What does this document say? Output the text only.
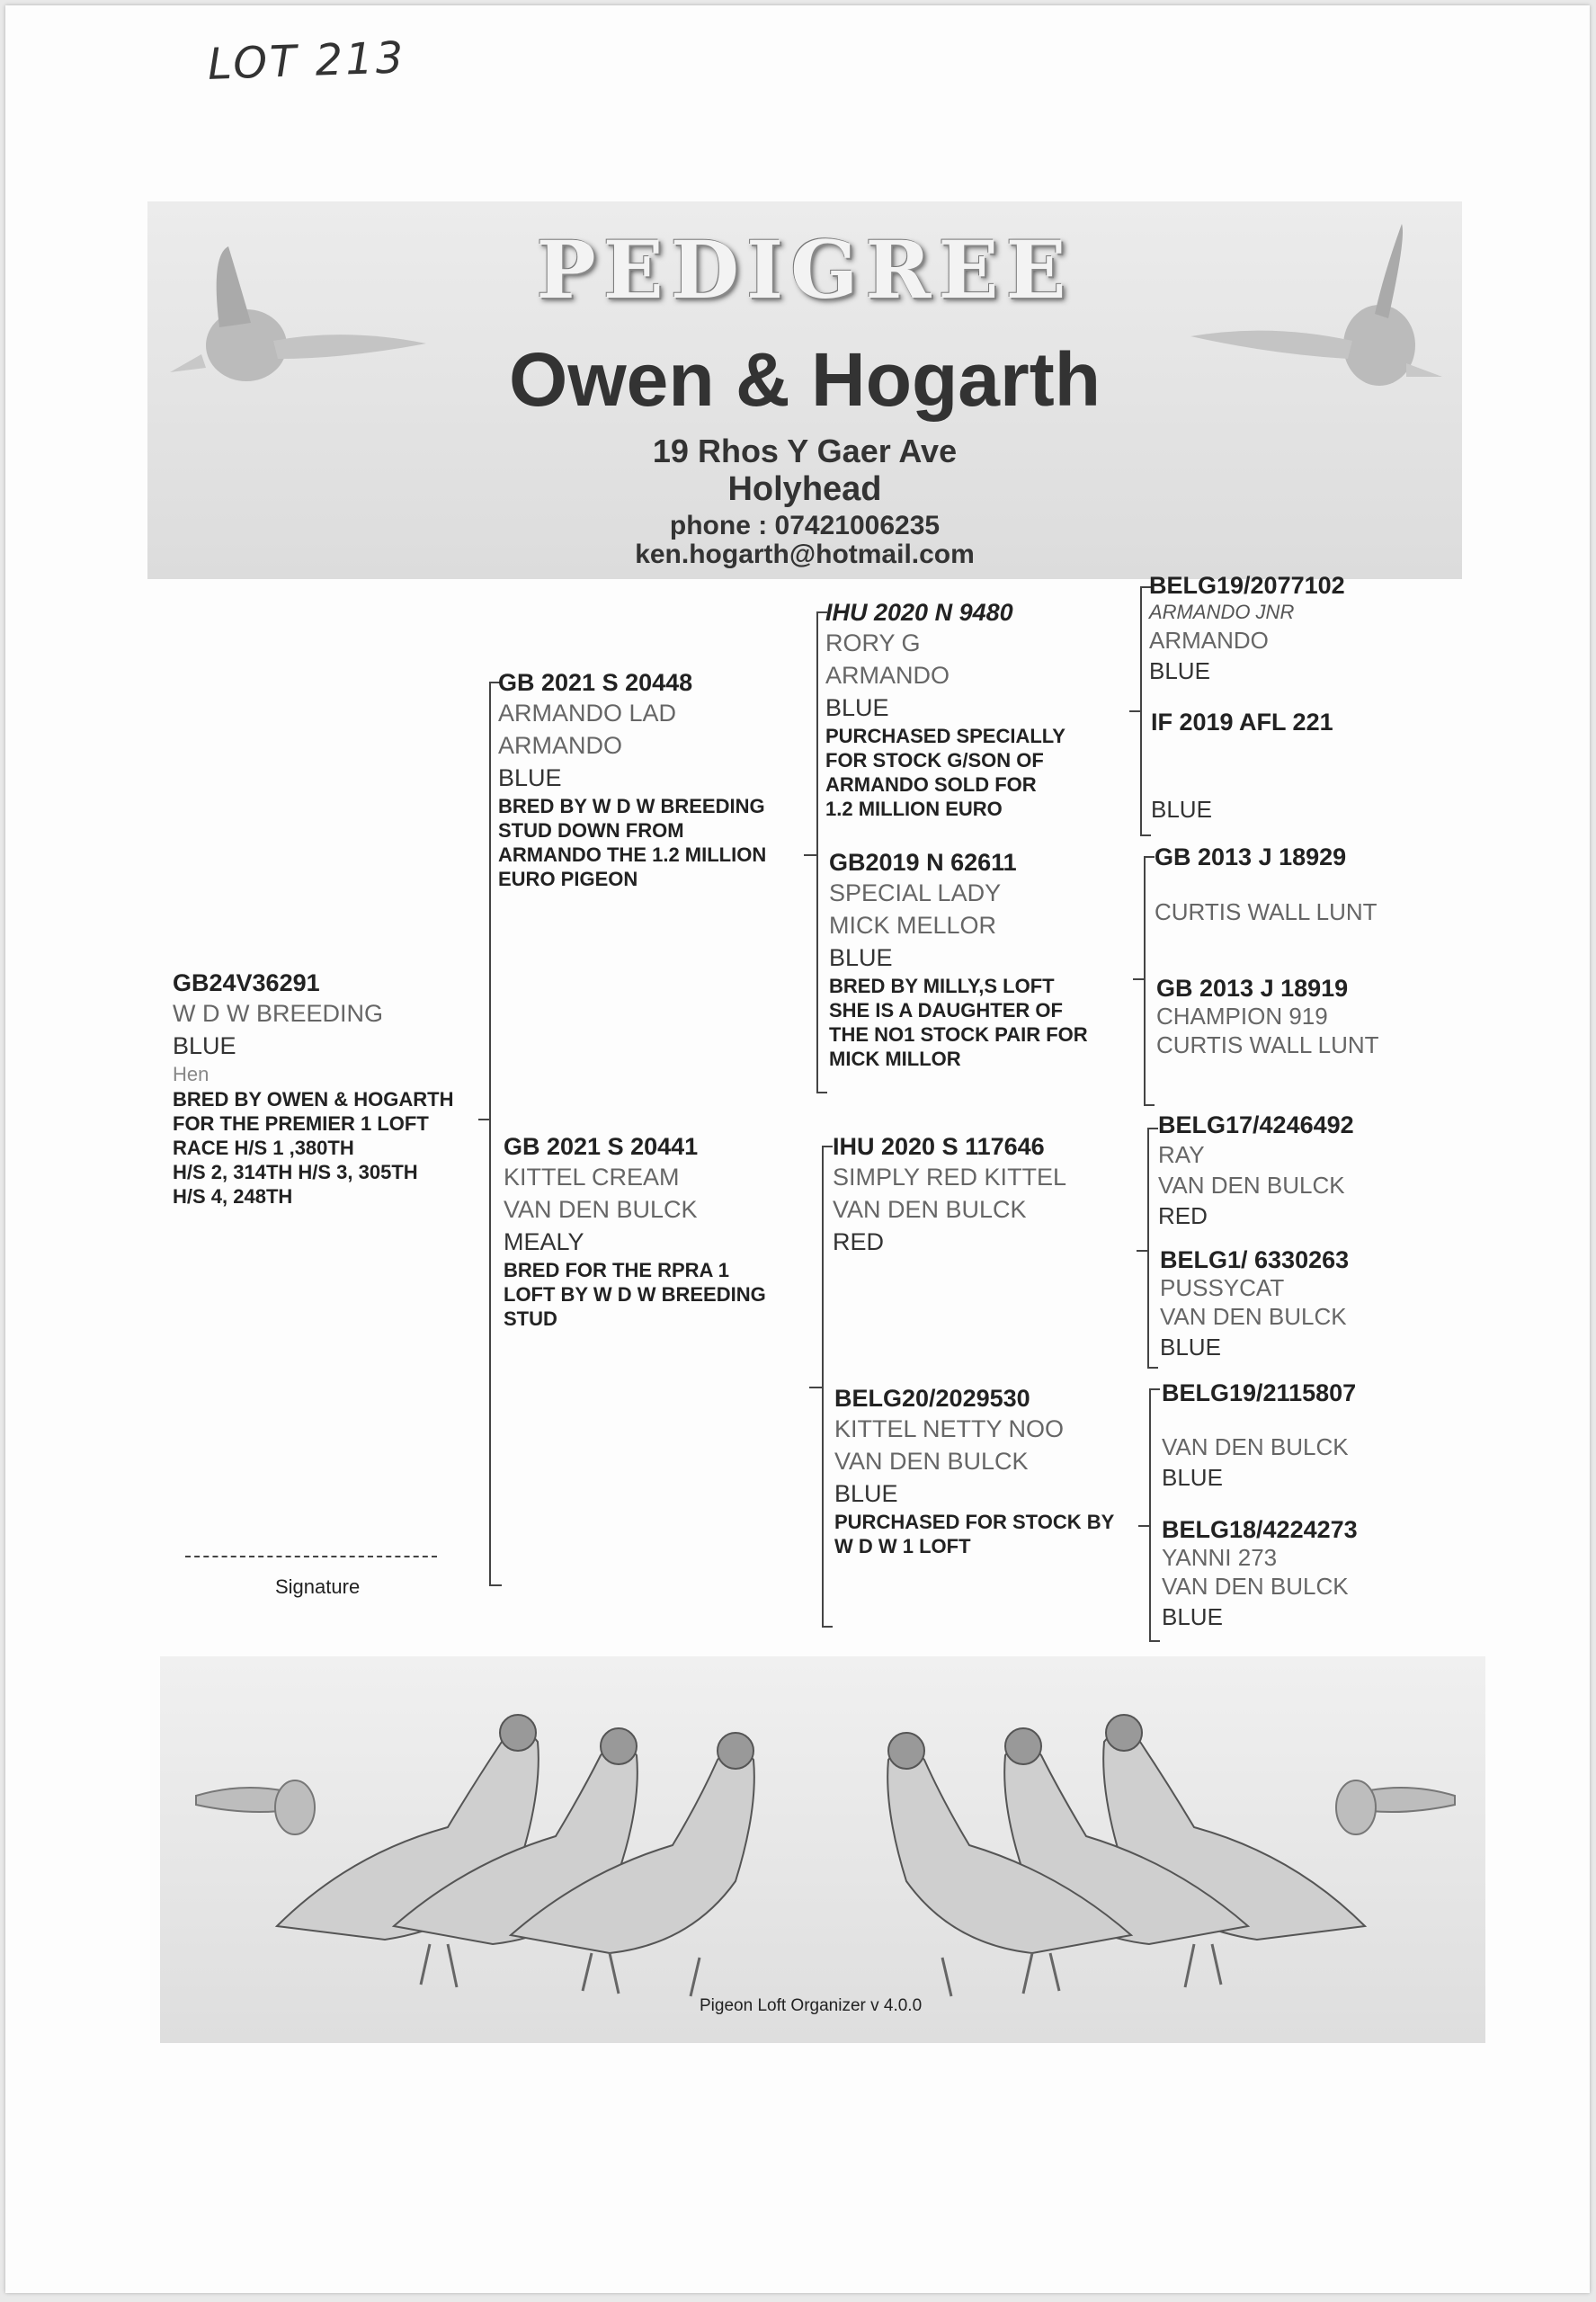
LOT 213
PEDIGREE
Owen & Hogarth
19 Rhos Y Gaer Ave
Holyhead
phone : 07421006235
ken.hogarth@hotmail.com
GB24V36291
W D W BREEDING
BLUE
Hen
BRED BY OWEN & HOGARTH
FOR THE PREMIER 1 LOFT
RACE H/S 1 ,380TH
H/S 2, 314TH H/S 3, 305TH
H/S 4, 248TH
GB 2021 S 20448
ARMANDO LAD
ARMANDO
BLUE
BRED BY W D W BREEDING
STUD DOWN FROM
ARMANDO THE 1.2 MILLION
EURO PIGEON
GB 2021 S 20441
KITTEL CREAM
VAN DEN BULCK
MEALY
BRED FOR THE RPRA 1
LOFT BY W D W BREEDING
STUD
IHU 2020 N 9480
RORY G
ARMANDO
BLUE
PURCHASED SPECIALLY
FOR STOCK G/SON OF
ARMANDO SOLD FOR
1.2 MILLION EURO
GB2019 N 62611
SPECIAL LADY
MICK MELLOR
BLUE
BRED BY MILLY,S LOFT
SHE IS A DAUGHTER OF
THE NO1 STOCK PAIR FOR
MICK MILLOR
IHU 2020 S 117646
SIMPLY RED KITTEL
VAN DEN BULCK
RED
BELG20/2029530
KITTEL NETTY NOO
VAN DEN BULCK
BLUE
PURCHASED FOR STOCK BY
W D W 1 LOFT
BELG19/2077102
ARMANDO JNR
ARMANDO
BLUE
IF 2019 AFL 221
BLUE
GB 2013 J 18929
CURTIS WALL LUNT
GB 2013 J 18919
CHAMPION 919
CURTIS WALL LUNT
BELG17/4246492
RAY
VAN DEN BULCK
RED
BELG1/ 6330263
PUSSYCAT
VAN DEN BULCK
BLUE
BELG19/2115807
VAN DEN BULCK
BLUE
BELG18/4224273
YANNI 273
VAN DEN BULCK
BLUE
Signature
Pigeon Loft Organizer v 4.0.0
